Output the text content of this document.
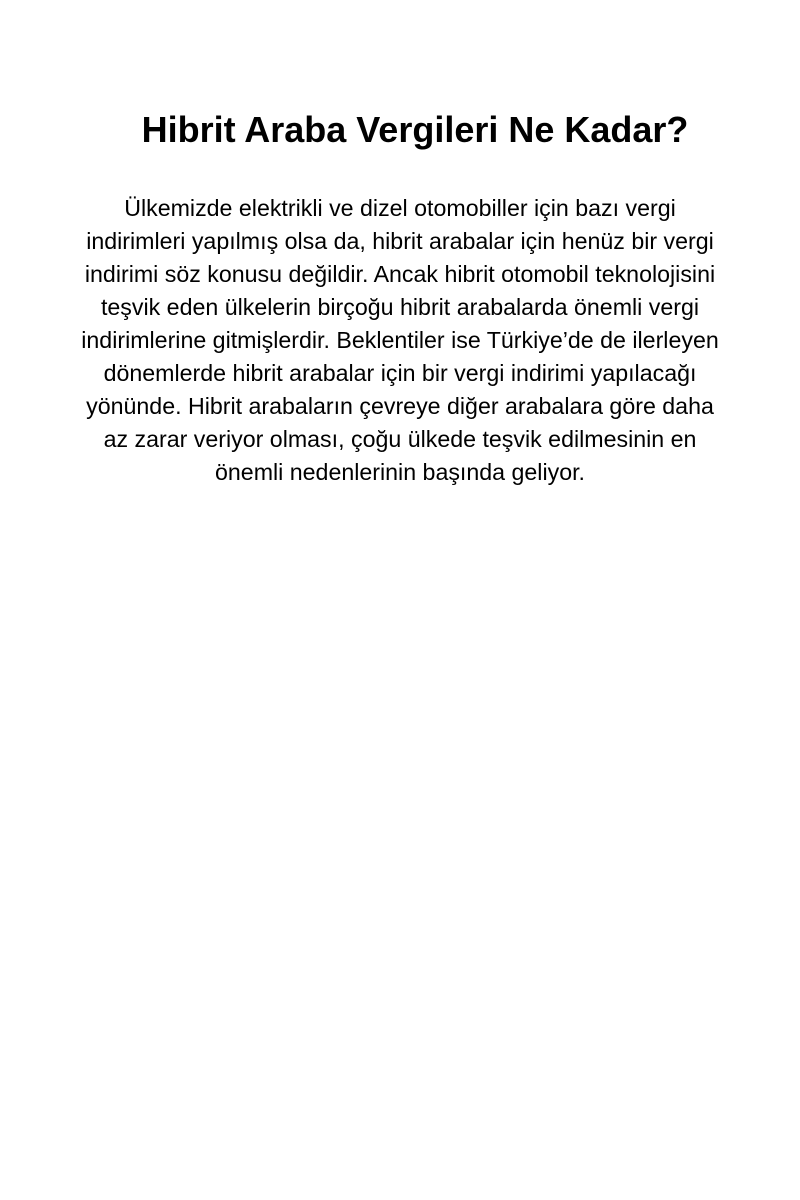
Hibrit Araba Vergileri Ne Kadar?

Ülkemizde elektrikli ve dizel otomobiller için bazı vergi
indirimleri yapılmış olsa da, hibrit arabalar için henüz bir vergi
indirimi söz konusu değildir. Ancak hibrit otomobil teknolojisini
teşvik eden ülkelerin birçoğu hibrit arabalarda önemli vergi
indirimlerine gitmişlerdir. Beklentiler ise Türkiye’de de ilerleyen
dönemlerde hibrit arabalar için bir vergi indirimi yapılacağı
yönünde. Hibrit arabaların çevreye diğer arabalara göre daha
az zarar veriyor olması, çoğu ülkede teşvik edilmesinin en
önemli nedenlerinin başında geliyor.
